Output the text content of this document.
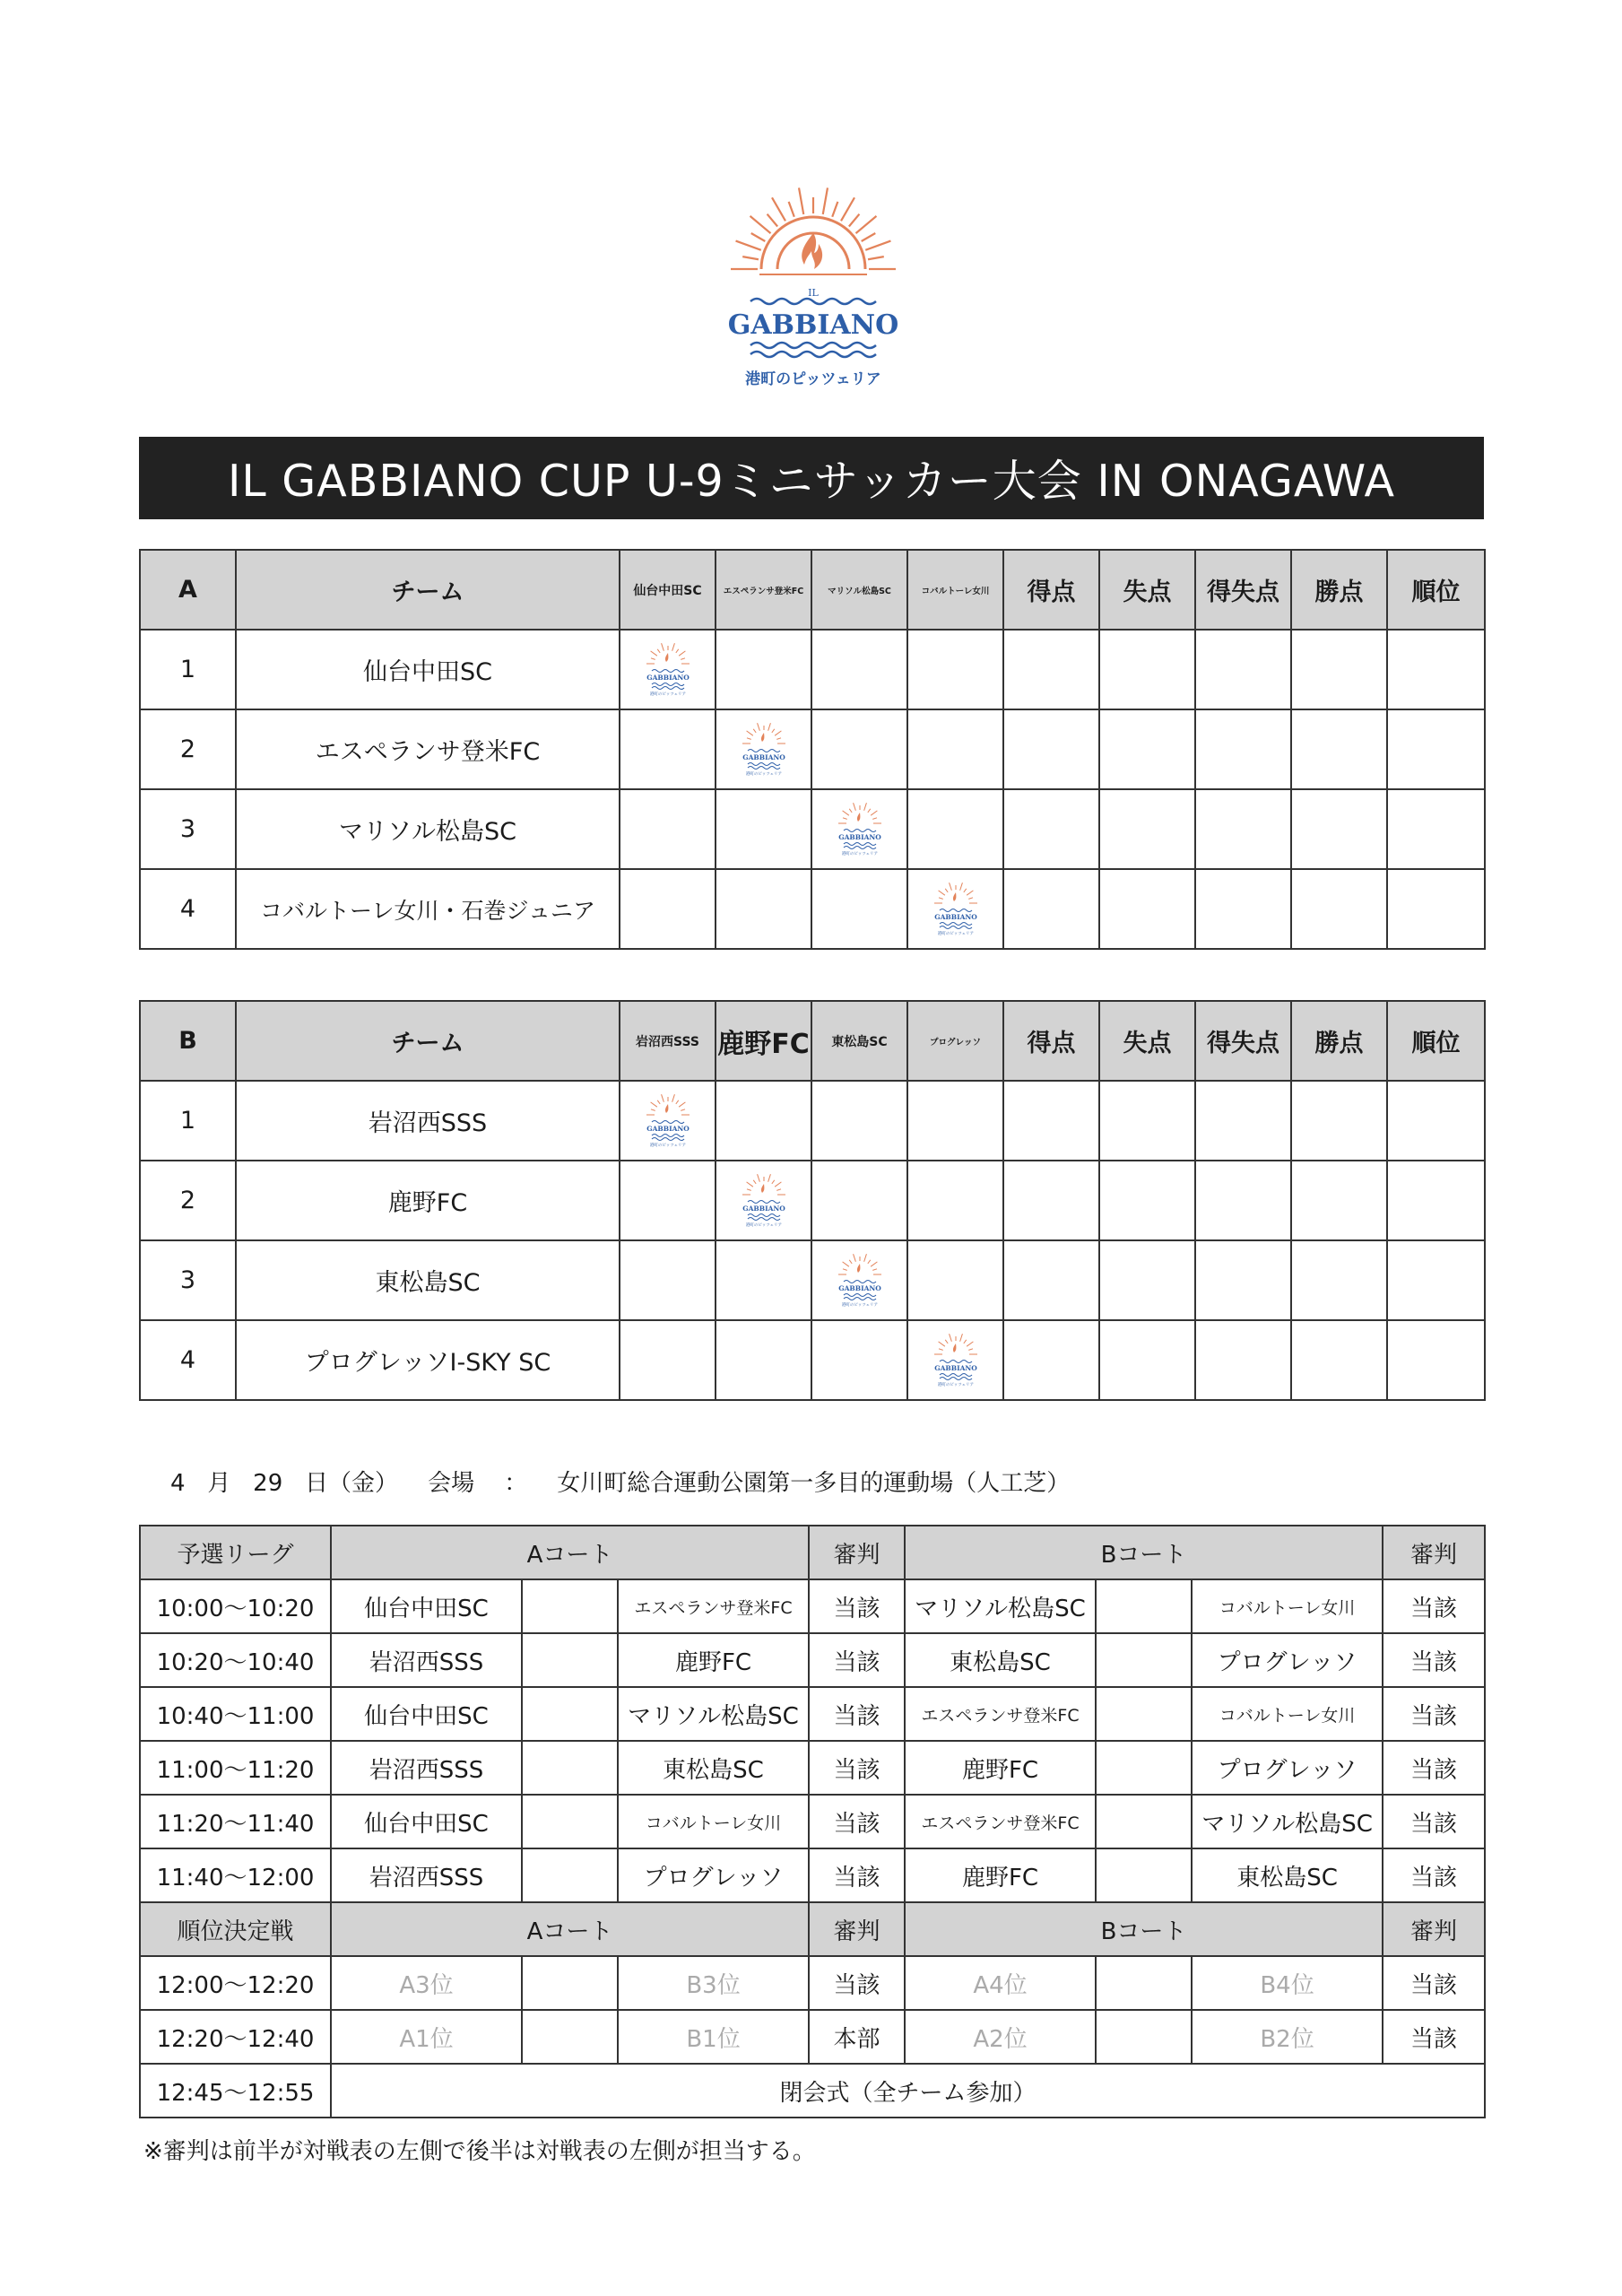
IL
GABBIANO
港町のピッツェリア
IL GABBIANO CUP U-9ミニサッカー大会 IN ONAGAWA
A	チーム	仙台中田SC	エスペランサ登米FC	マリソル松島SC	コバルトーレ女川	得点	失点	得失点	勝点	順位
1	仙台中田SC	GABBIANO
港町のピッツェリア								

2	エスペランサ登米FC		GABBIANO
港町のピッツェリア							

3	マリソル松島SC			GABBIANO
港町のピッツェリア						

4	コバルトーレ女川・石巻ジュニア				GABBIANO
港町のピッツェリア					

B	チーム	岩沼西SSS	鹿野FC	東松島SC	プログレッソ	得点	失点	得失点	勝点	順位
1	岩沼西SSS	GABBIANO
港町のピッツェリア								

2	鹿野FC		GABBIANO
港町のピッツェリア							

3	東松島SC			GABBIANO
港町のピッツェリア						

4	プログレッソI-SKY SC				GABBIANO
港町のピッツェリア					

4 月 29 日（金） 会場 ： 女川町総合運動公園第一多目的運動場（人工芝）
予選リーグ	Aコート			審判	Bコート			審判
10:00～10:20	仙台中田SC		エスペランサ登米FC	当該	マリソル松島SC		コバルトーレ女川	当該
10:20～10:40	岩沼西SSS		鹿野FC	当該	東松島SC		プログレッソ	当該
10:40～11:00	仙台中田SC		マリソル松島SC	当該	エスペランサ登米FC		コバルトーレ女川	当該
11:00～11:20	岩沼西SSS		東松島SC	当該	鹿野FC		プログレッソ	当該
11:20～11:40	仙台中田SC		コバルトーレ女川	当該	エスペランサ登米FC		マリソル松島SC	当該
11:40～12:00	岩沼西SSS		プログレッソ	当該	鹿野FC		東松島SC	当該
順位決定戦	Aコート			審判	Bコート			審判
12:00～12:20	A3位		B3位	当該	A4位		B4位	当該
12:20～12:40	A1位		B1位	本部	A2位		B2位	当該
12:45～12:55	閉会式（全チーム参加）							
※審判は前半が対戦表の左側で後半は対戦表の左側が担当する。
